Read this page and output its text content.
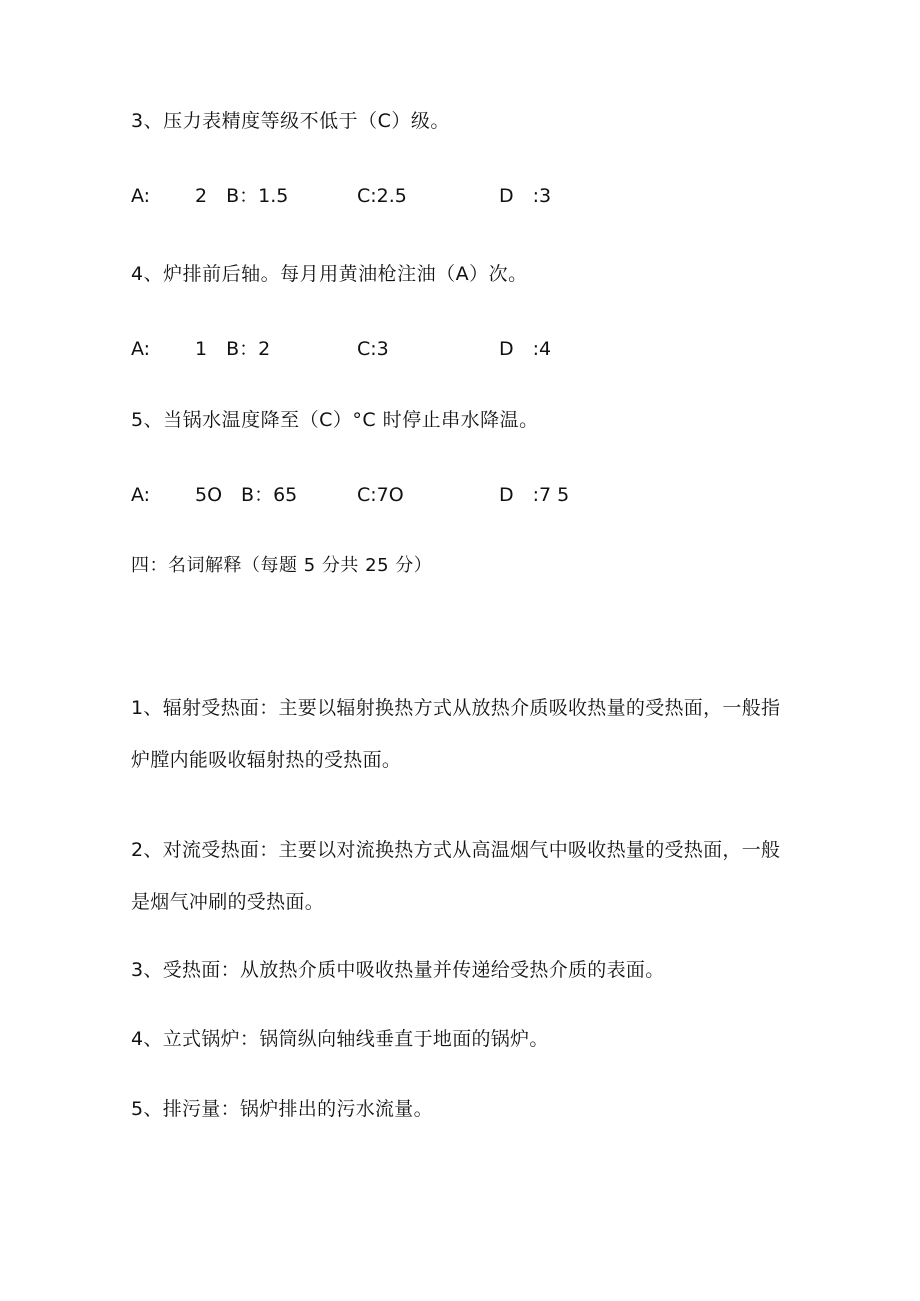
3、压力表精度等级不低于（C）级。
A: 2　B：1.5	C:2.5	D　:3
4、炉排前后轴。每月用黄油枪注油（A）次。
A: 1　B：2	C:3	D　:4
5、当锅水温度降至（C）°C 时停止串水降温。
A: 5O　B：65	C:7O	D　:7 5
四：名词解释（每题 5 分共 25 分）
1、辐射受热面：主要以辐射换热方式从放热介质吸收热量的受热面，一般指炉膛内能吸收辐射热的受热面。
2、对流受热面：主要以对流换热方式从高温烟气中吸收热量的受热面，一般是烟气冲刷的受热面。
3、受热面：从放热介质中吸收热量并传递给受热介质的表面。
4、立式锅炉：锅筒纵向轴线垂直于地面的锅炉。
5、排污量：锅炉排出的污水流量。
